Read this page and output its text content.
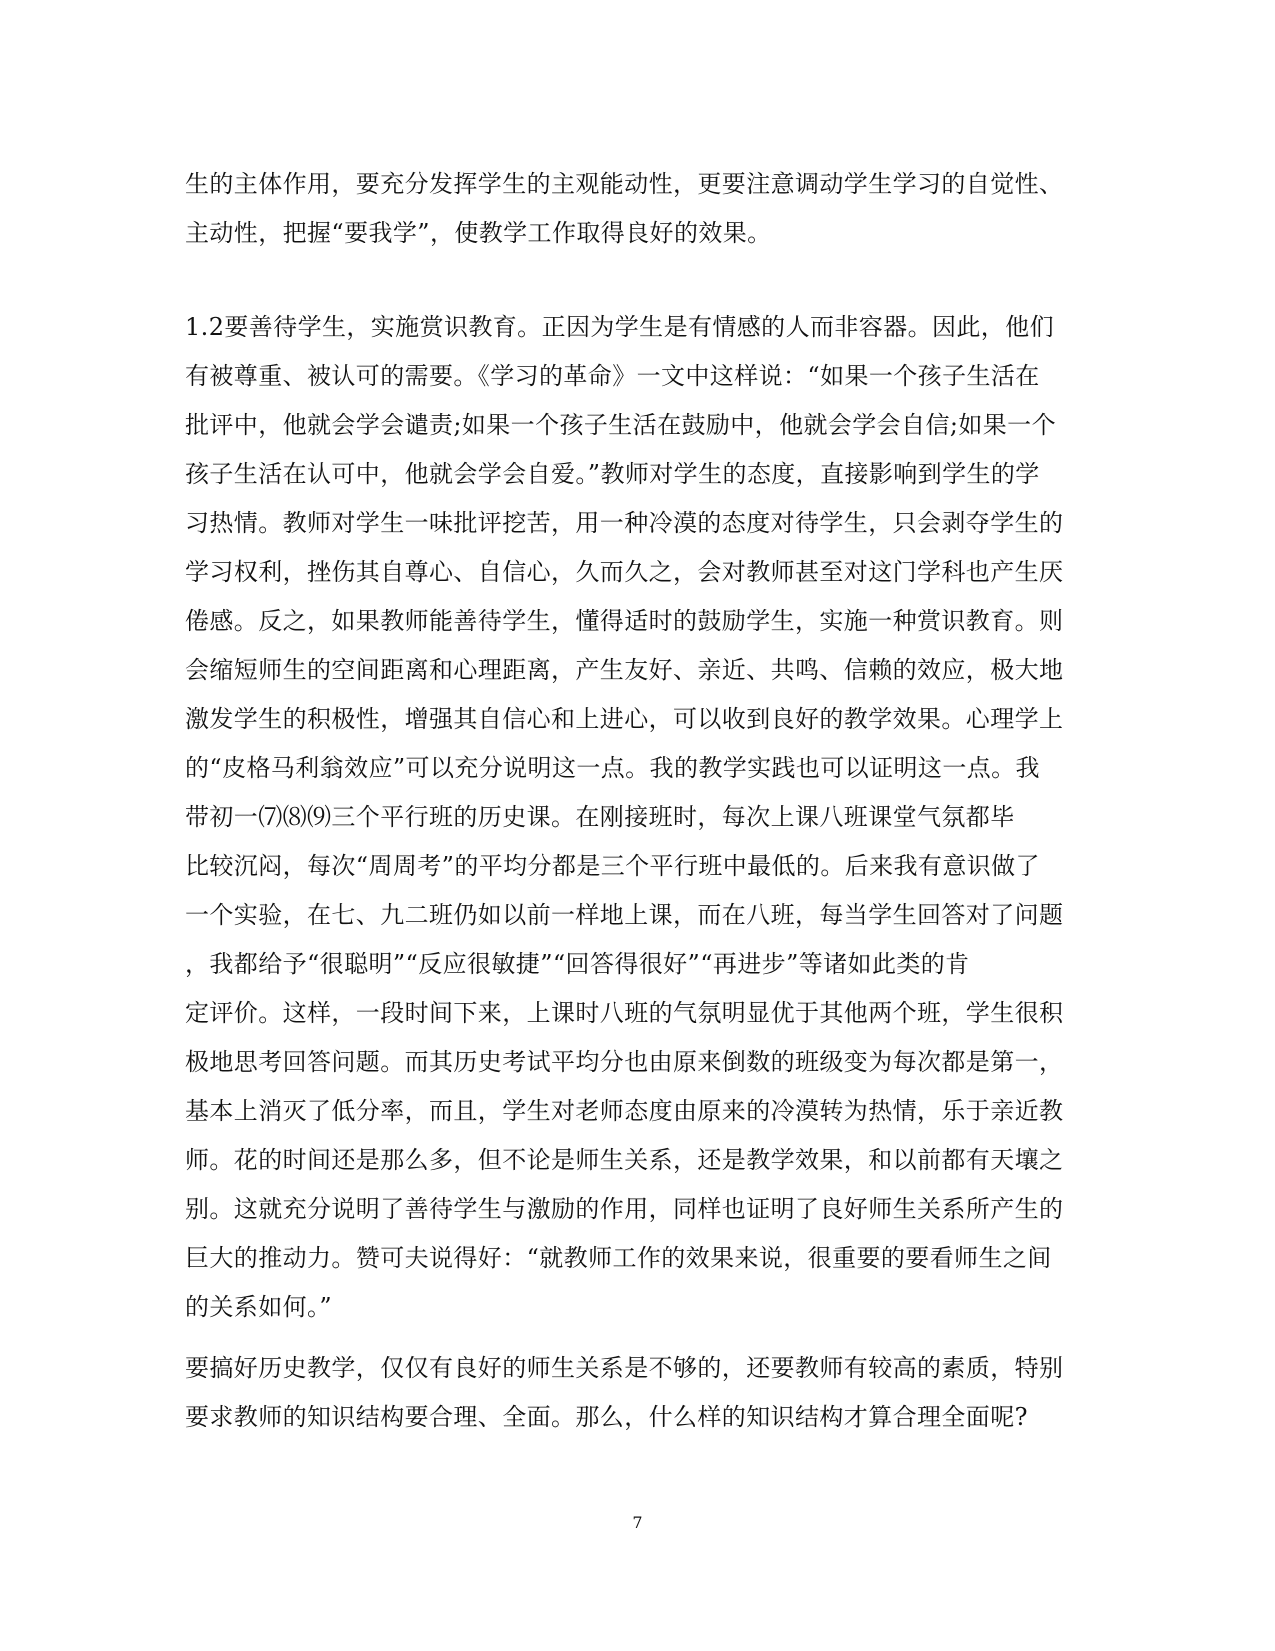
生的主体作用，要充分发挥学生的主观能动性，更要注意调动学生学习的自觉性、
主动性，把握“要我学”，使教学工作取得良好的效果。
1.2要善待学生，实施赏识教育。正因为学生是有情感的人而非容器。因此，他们
有被尊重、被认可的需要。《学习的革命》一文中这样说：“如果一个孩子生活在
批评中，他就会学会谴责;如果一个孩子生活在鼓励中，他就会学会自信;如果一个
孩子生活在认可中，他就会学会自爱。”教师对学生的态度，直接影响到学生的学
习热情。教师对学生一味批评挖苦，用一种冷漠的态度对待学生，只会剥夺学生的
学习权利，挫伤其自尊心、自信心，久而久之，会对教师甚至对这门学科也产生厌
倦感。反之，如果教师能善待学生，懂得适时的鼓励学生，实施一种赏识教育。则
会缩短师生的空间距离和心理距离，产生友好、亲近、共鸣、信赖的效应，极大地
激发学生的积极性，增强其自信心和上进心，可以收到良好的教学效果。心理学上
的“皮格马利翁效应”可以充分说明这一点。我的教学实践也可以证明这一点。我
带初一⑺⑻⑼三个平行班的历史课。在刚接班时，每次上课八班课堂气氛都毕
比较沉闷，每次“周周考”的平均分都是三个平行班中最低的。后来我有意识做了
一个实验，在七、九二班仍如以前一样地上课，而在八班，每当学生回答对了问题
，我都给予“很聪明”“反应很敏捷”“回答得很好”“再进步”等诸如此类的肯
定评价。这样，一段时间下来，上课时八班的气氛明显优于其他两个班，学生很积
极地思考回答问题。而其历史考试平均分也由原来倒数的班级变为每次都是第一，
基本上消灭了低分率，而且，学生对老师态度由原来的冷漠转为热情，乐于亲近教
师。花的时间还是那么多，但不论是师生关系，还是教学效果，和以前都有天壤之
别。这就充分说明了善待学生与激励的作用，同样也证明了良好师生关系所产生的
巨大的推动力。赞可夫说得好：“就教师工作的效果来说，很重要的要看师生之间
的关系如何。”
要搞好历史教学，仅仅有良好的师生关系是不够的，还要教师有较高的素质，特别
要求教师的知识结构要合理、全面。那么，什么样的知识结构才算合理全面呢?
7
